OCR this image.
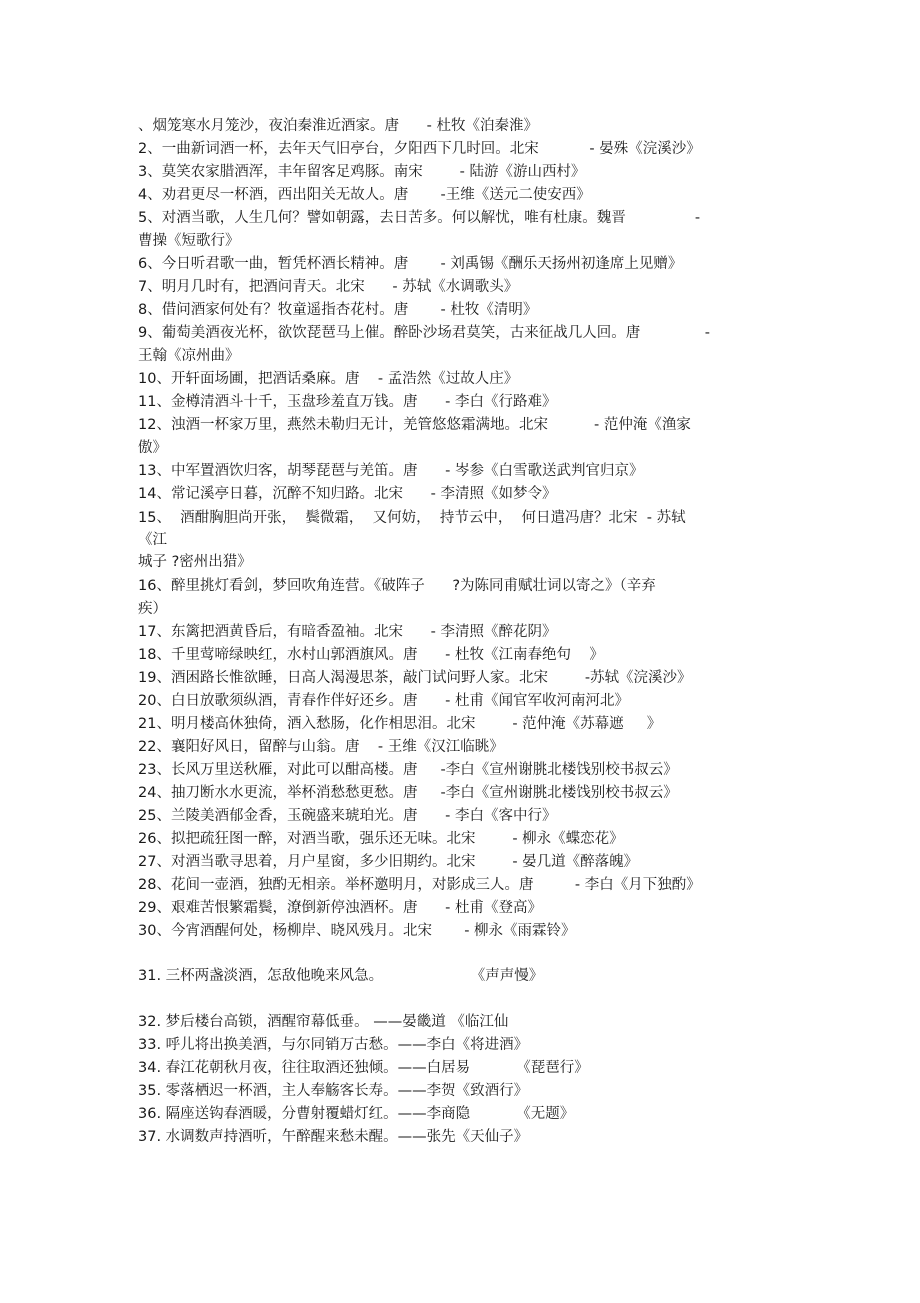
、烟笼寒水月笼沙，夜泊秦淮近酒家。唐      - 杜牧《泊秦淮》
2、一曲新词酒一杯，去年天气旧亭台，夕阳西下几时回。北宋           - 晏殊《浣溪沙》
3、莫笑农家腊酒浑，丰年留客足鸡豚。南宋        - 陆游《游山西村》
4、劝君更尽一杯酒，西出阳关无故人。唐       -王维《送元二使安西》
5、对酒当歌，人生几何？譬如朝露，去日苦多。何以解忧，唯有杜康。魏晋               -
曹操《短歌行》
6、今日听君歌一曲，暂凭杯酒长精神。唐       - 刘禹锡《酬乐天扬州初逢席上见赠》
7、明月几时有，把酒问青天。北宋      - 苏轼《水调歌头》
8、借问酒家何处有？牧童遥指杏花村。唐       - 杜牧《清明》
9、葡萄美酒夜光杯，欲饮琵琶马上催。醉卧沙场君莫笑，古来征战几人回。唐              -
王翰《凉州曲》
10、开轩面场圃，把酒话桑麻。唐    - 孟浩然《过故人庄》
11、金樽清酒斗十千，玉盘珍羞直万钱。唐      - 李白《行路难》
12、浊酒一杯家万里，燕然未勒归无计，羌管悠悠霜满地。北宋          - 范仲淹《渔家
傲》
13、中军置酒饮归客，胡琴琵琶与羌笛。唐      - 岑参《白雪歌送武判官归京》
14、常记溪亭日暮，沉醉不知归路。北宋      - 李清照《如梦令》
15、  酒酣胸胆尚开张，  鬓微霜，  又何妨，  持节云中，  何日遣冯唐？北宋  - 苏轼
《江
城子 ?密州出猎》
16、醉里挑灯看剑，梦回吹角连营。《破阵子      ?为陈同甫赋壮词以寄之》（辛弃
疾）
17、东篱把酒黄昏后，有暗香盈袖。北宋      - 李清照《醉花阴》
18、千里莺啼绿映红，水村山郭酒旗风。唐      - 杜牧《江南春绝句    》
19、酒困路长惟欲睡，日高人渴漫思茶，敲门试问野人家。北宋        -苏轼《浣溪沙》
20、白日放歌须纵酒，青春作伴好还乡。唐      - 杜甫《闻官军收河南河北》
21、明月楼高休独倚，酒入愁肠，化作相思泪。北宋        - 范仲淹《苏幕遮     》
22、襄阳好风日，留醉与山翁。唐    - 王维《汉江临眺》
23、长风万里送秋雁，对此可以酣高楼。唐     -李白《宣州谢朓北楼饯别校书叔云》
24、抽刀断水水更流，举杯消愁愁更愁。唐     -李白《宣州谢朓北楼饯别校书叔云》
25、兰陵美酒郁金香，玉碗盛来琥珀光。唐      - 李白《客中行》
26、拟把疏狂图一醉，对酒当歌，强乐还无味。北宋        - 柳永《蝶恋花》
27、对酒当歌寻思着，月户星窗，多少旧期约。北宋        - 晏几道《醉落魄》
28、花间一壶酒，独酌无相亲。举杯邀明月，对影成三人。唐         - 李白《月下独酌》
29、艰难苦恨繁霜鬓，潦倒新停浊酒杯。唐      - 杜甫《登高》
30、今宵酒醒何处，杨柳岸、晓风残月。北宋       - 柳永《雨霖铃》
31. 三杯两盏淡酒，怎敌他晚来风急。                   《声声慢》
32. 梦后楼台高锁，酒醒帘幕低垂。 ——晏畿道 《临江仙
33. 呼儿将出换美酒，与尔同销万古愁。——李白《将进酒》
34. 春江花朝秋月夜，往往取酒还独倾。——白居易          《琵琶行》
35. 零落栖迟一杯酒，主人奉觞客长寿。——李贺《致酒行》
36. 隔座送钩春酒暖，分曹射覆蜡灯红。——李商隐          《无题》
37. 水调数声持酒听，午醉醒来愁未醒。——张先《天仙子》
